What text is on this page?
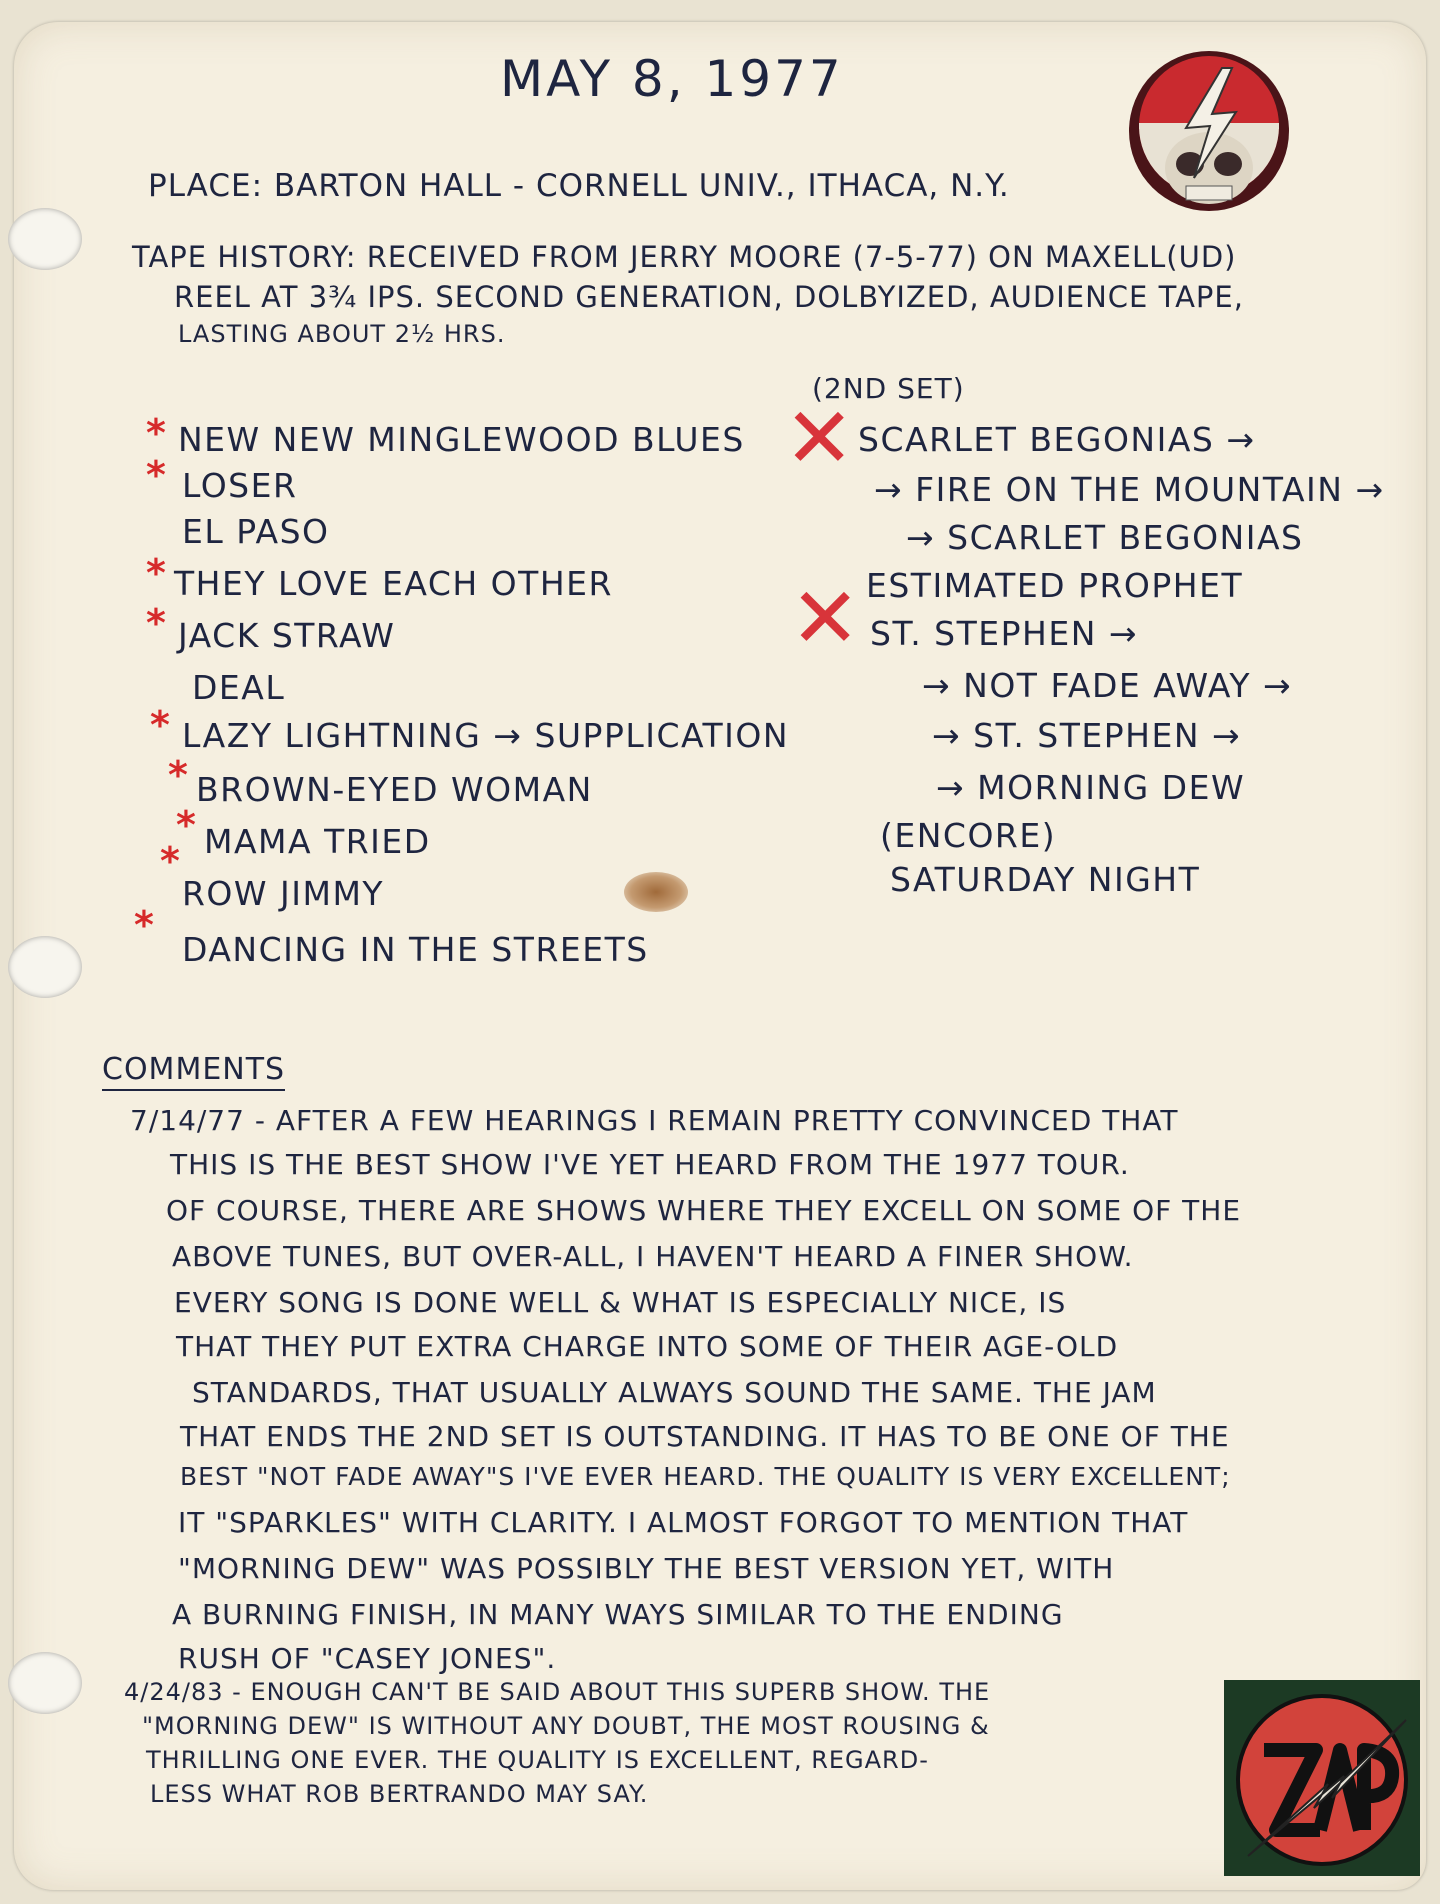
MAY 8, 1977
PLACE: BARTON HALL - CORNELL UNIV., ITHACA, N.Y.
TAPE HISTORY: RECEIVED FROM JERRY MOORE (7-5-77) ON MAXELL(UD)
REEL AT 3¾ IPS. SECOND GENERATION, DOLBYIZED, AUDIENCE TAPE,
LASTING ABOUT 2½ HRS.
* NEW NEW MINGLEWOOD BLUES
* LOSER
EL PASO
* THEY LOVE EACH OTHER
* JACK STRAW
DEAL
* LAZY LIGHTNING → SUPPLICATION
* BROWN-EYED WOMAN
* MAMA TRIED
*
ROW JIMMY
*
DANCING IN THE STREETS
(2ND SET)
✕ SCARLET BEGONIAS →
→ FIRE ON THE MOUNTAIN →
→ SCARLET BEGONIAS
ESTIMATED PROPHET
✕ ST. STEPHEN →
→ NOT FADE AWAY →
→ ST. STEPHEN →
→ MORNING DEW
(ENCORE)
SATURDAY NIGHT
COMMENTS
7/14/77 - AFTER A FEW HEARINGS I REMAIN PRETTY CONVINCED THAT
THIS IS THE BEST SHOW I'VE YET HEARD FROM THE 1977 TOUR.
OF COURSE, THERE ARE SHOWS WHERE THEY EXCELL ON SOME OF THE
ABOVE TUNES, BUT OVER-ALL, I HAVEN'T HEARD A FINER SHOW.
EVERY SONG IS DONE WELL & WHAT IS ESPECIALLY NICE, IS
THAT THEY PUT EXTRA CHARGE INTO SOME OF THEIR AGE-OLD
STANDARDS, THAT USUALLY ALWAYS SOUND THE SAME. THE JAM
THAT ENDS THE 2ND SET IS OUTSTANDING. IT HAS TO BE ONE OF THE
BEST "NOT FADE AWAY"S I'VE EVER HEARD. THE QUALITY IS VERY EXCELLENT;
IT "SPARKLES" WITH CLARITY. I ALMOST FORGOT TO MENTION THAT
"MORNING DEW" WAS POSSIBLY THE BEST VERSION YET, WITH
A BURNING FINISH, IN MANY WAYS SIMILAR TO THE ENDING
RUSH OF "CASEY JONES".
4/24/83 - ENOUGH CAN'T BE SAID ABOUT THIS SUPERB SHOW. THE
"MORNING DEW" IS WITHOUT ANY DOUBT, THE MOST ROUSING &
THRILLING ONE EVER. THE QUALITY IS EXCELLENT, REGARD-
LESS WHAT ROB BERTRANDO MAY SAY.
